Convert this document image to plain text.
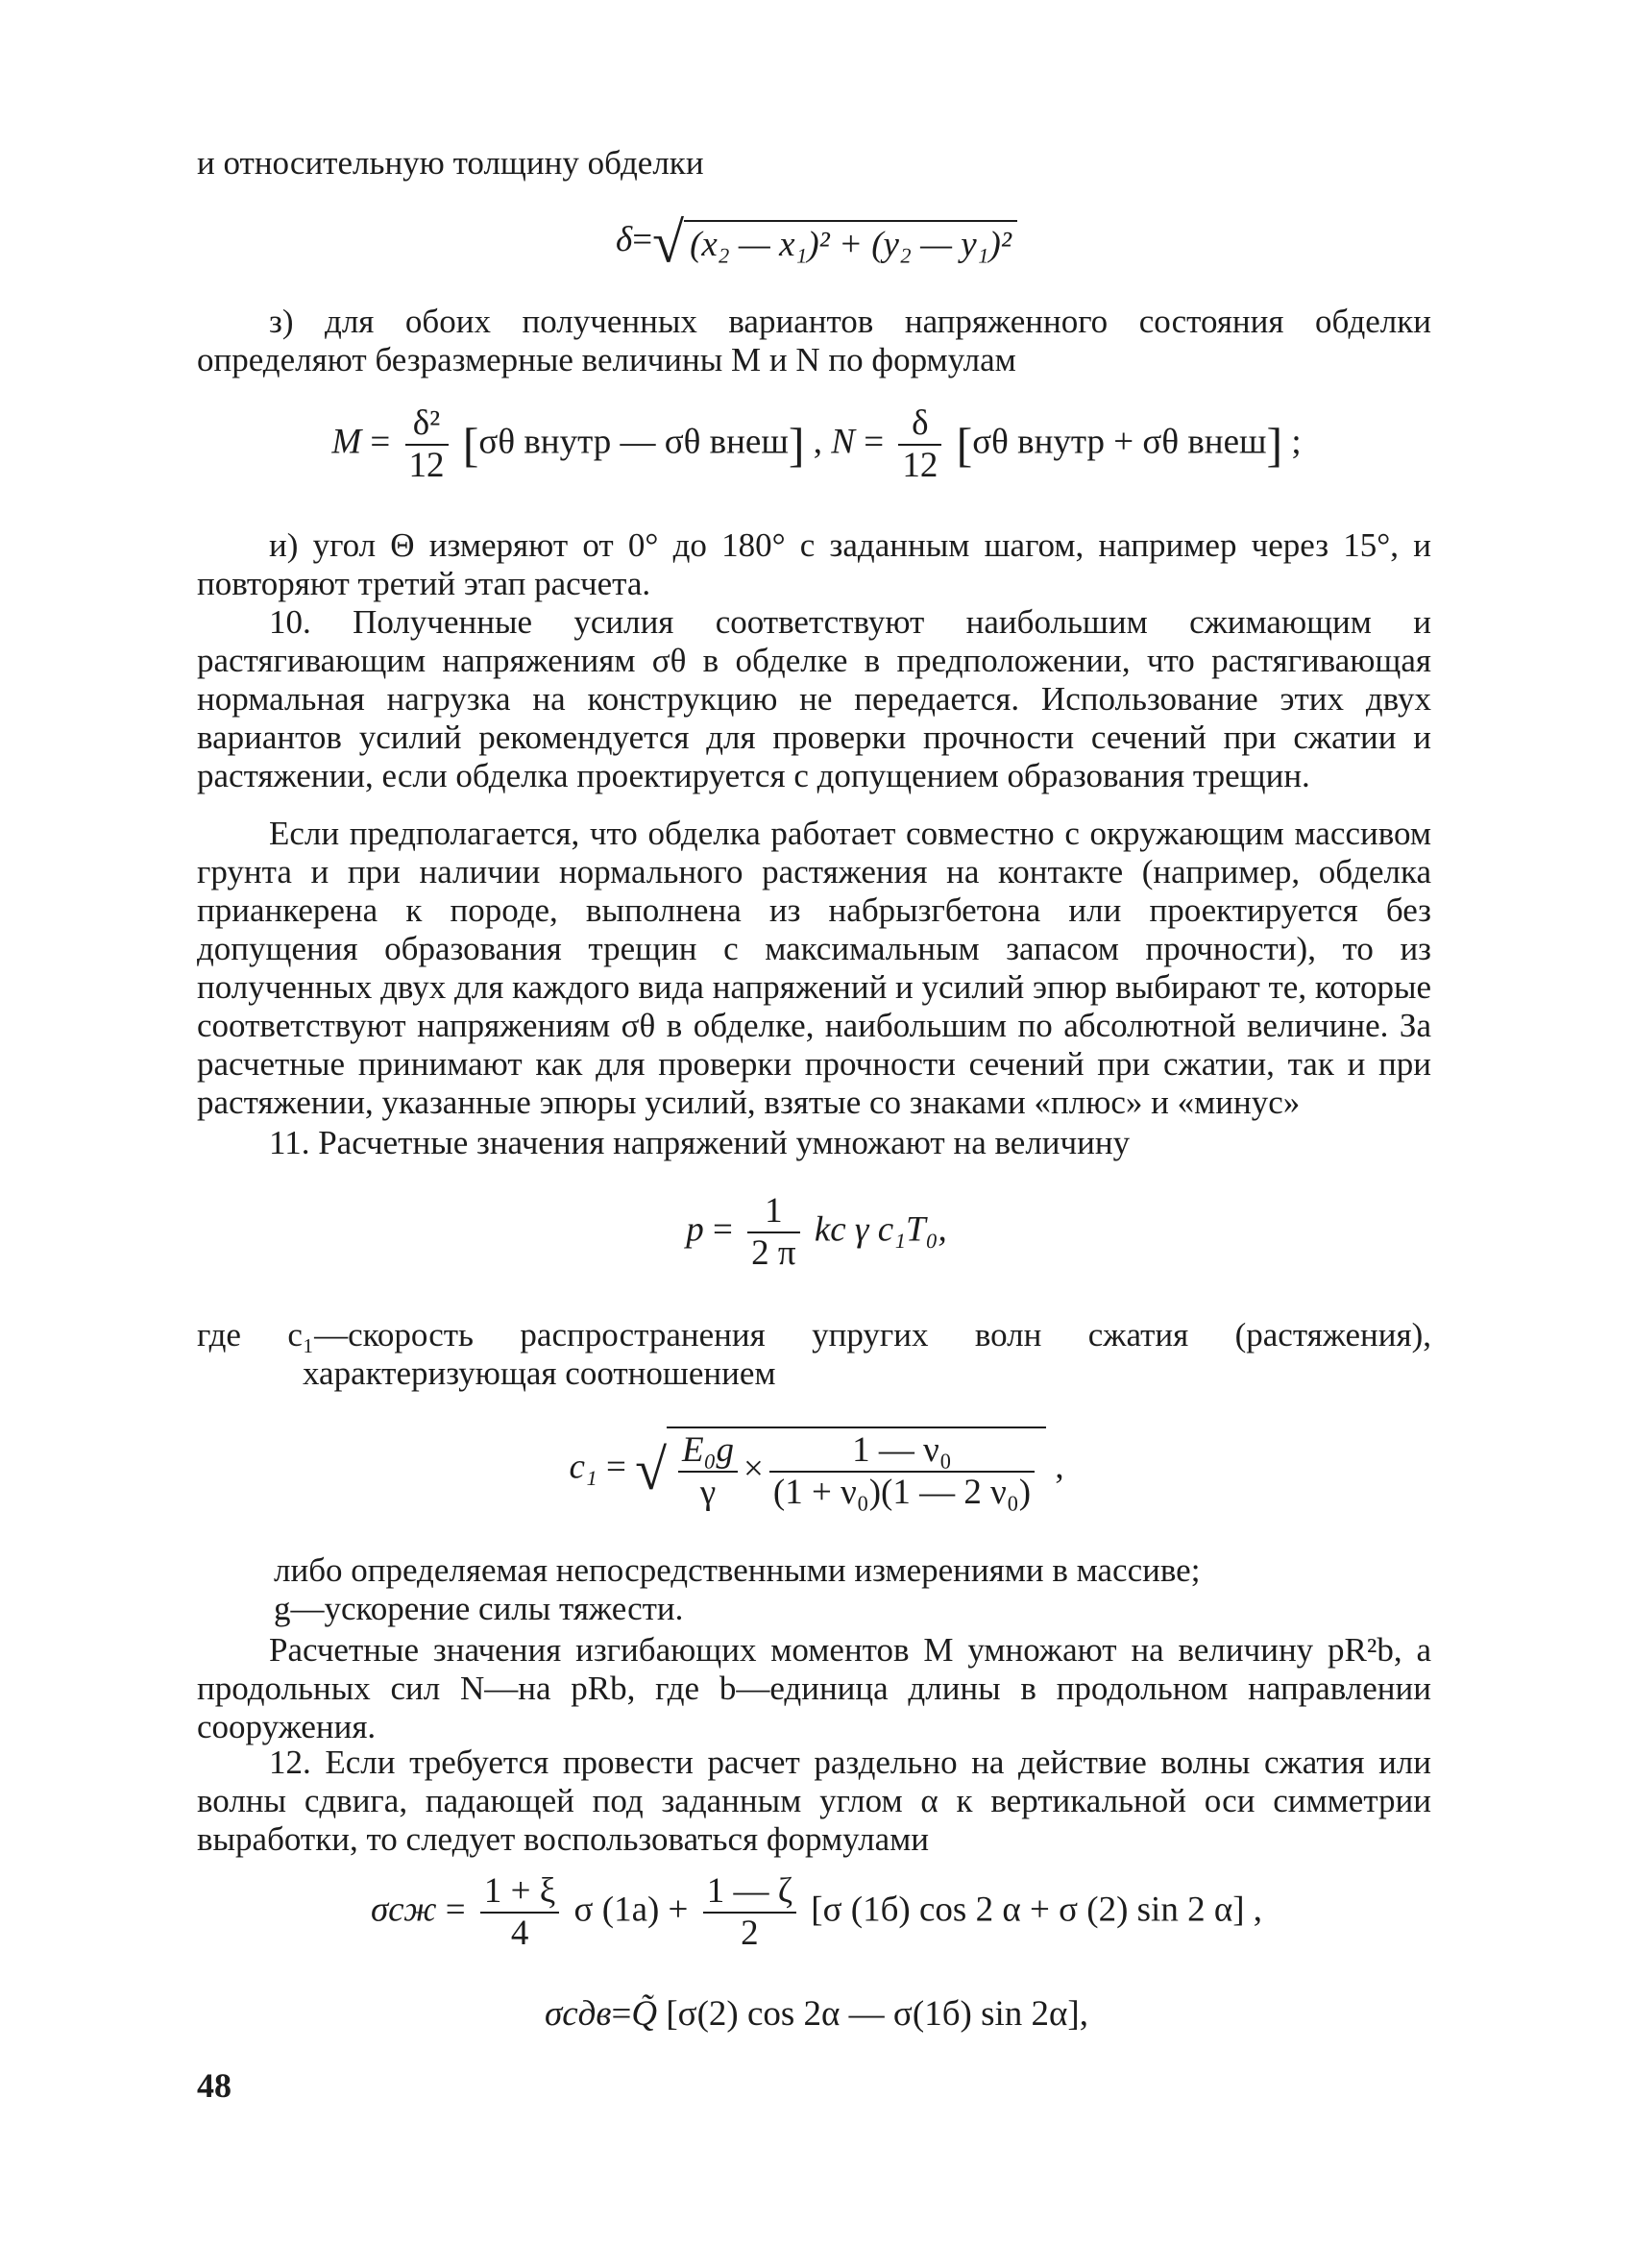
и относительную толщину обделки

δ=√ (x₂ — x₁)² + (y₂ — y₁)²

з) для обоих полученных вариантов напряженного состояния обделки определяют безразмерные величины M и N по формулам

$M = \frac{\text{δ²}}{12} [\sigma\theta$ внутр — σθ внеш] , $N = \frac{\delta}{12} [\sigma\theta$ внутр + σθ внеш] ;

и) угол Θ измеряют от 0° до 180° с заданным шагом, например через 15°, и повторяют третий этап расчета.

10. Полученные усилия соответствуют наибольшим сжимающим и растягивающим напряжениям σθ в обделке в предположении, что растягивающая нормальная нагрузка на конструкцию не передается. Использование этих двух вариантов усилий рекомендуется для проверки прочности сечений при сжатии и растяжении, если обделка проектируется с допущением образования трещин.

Если предполагается, что обделка работает совместно с окружающим массивом грунта и при наличии нормального растяжения на контакте (например, обделка прианкерена к породе, выполнена из набрызгбетона или проектируется без допущения образования трещин с максимальным запасом прочности), то из полученных двух для каждого вида напряжений и усилий эпюр выбирают те, которые соответствуют напряжениям σθ в обделке, наибольшим по абсолютной величине. За расчетные принимают как для проверки прочности сечений при сжатии, так и при растяжении, указанные эпюры усилий, взятые со знаками «плюс» и «минус»

11. Расчетные значения напряжений умножают на величину

$p = \frac{1}{2 \pi}$ kс γ c₁T₀,

где c₁—скорость распространения упругих волн сжатия (растяжения), характеризующая соотношением

c₁ = √ $\frac{\text{E₀g}}{\gamma} \times \frac{\text{1 — ν₀}}{\text{(1 + ν₀)(1 — 2 ν₀)}}$ ,

либо определяемая непосредственными измерениями в массиве;

g—ускорение силы тяжести.

Расчетные значения изгибающих моментов M умножают на величину pR²b, а продольных сил N—на pRb, где b—единица длины в продольном направлении сооружения.

12. Если требуется провести расчет раздельно на действие волны сжатия или волны сдвига, падающей под заданным углом α к вертикальной оси симметрии выработки, то следует воспользоваться формулами

$\sigma сж = \frac{1 + \xi}{4}$ σ $(1а) + \frac{1 — \zeta}{2} [\sigma$ (1б) cos 2 α + σ (2) sin 2 α] ,
σсдв=Q̃ [σ(2) cos 2α — σ(1б) sin 2α],
48
